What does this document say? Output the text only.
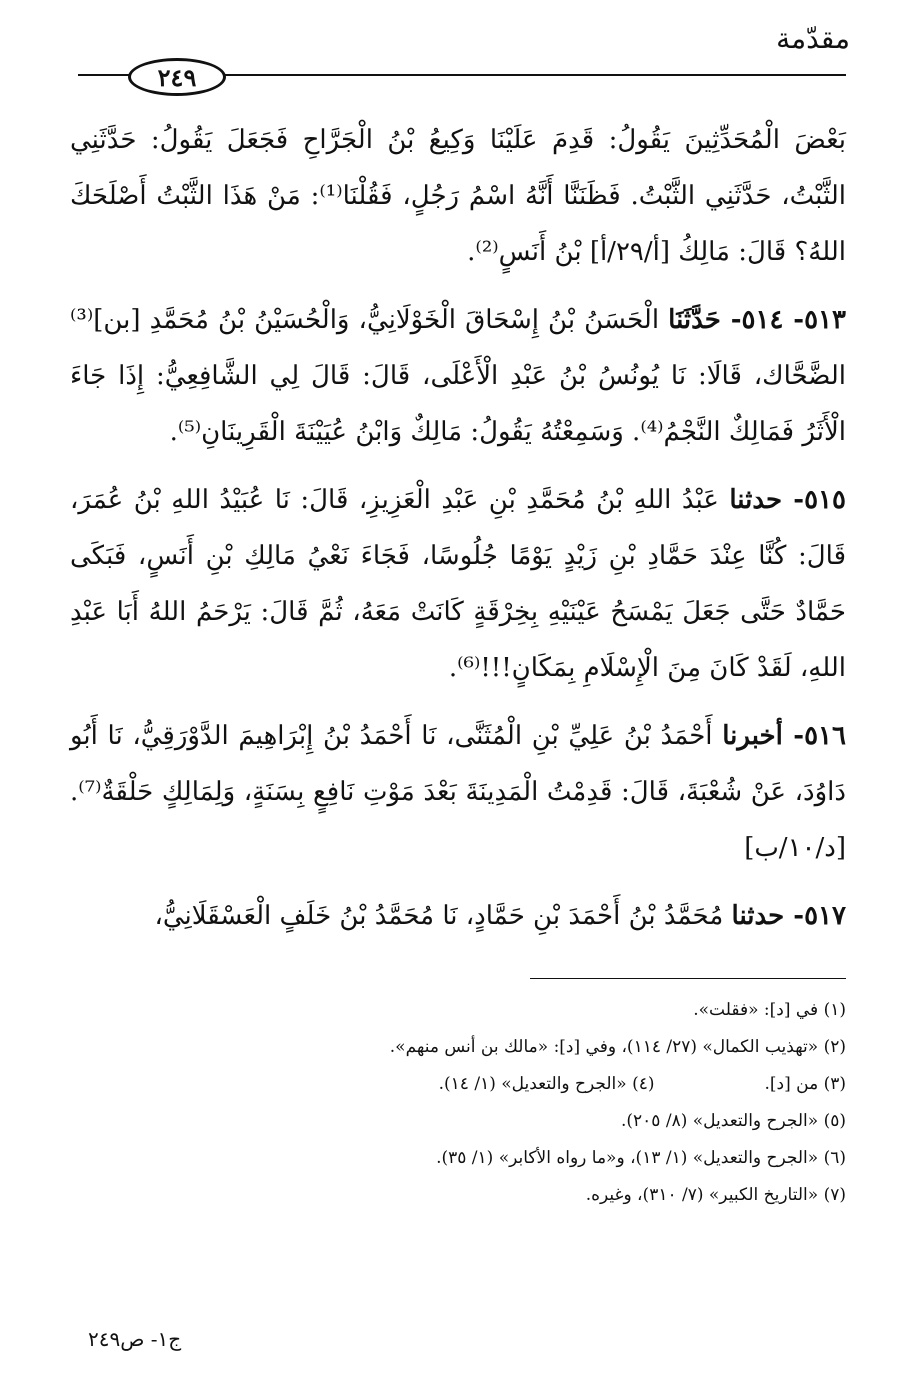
مقدّمة
٢٤٩

بَعْضَ الْمُحَدِّثِينَ يَقُولُ: قَدِمَ عَلَيْنَا وَكِيعُ بْنُ الْجَرَّاحِ فَجَعَلَ يَقُولُ: حَدَّثَنِي الثَّبْتُ، حَدَّثَنِي الثَّبْتُ. فَظَنَنَّا أَنَّهُ اسْمُ رَجُلٍ، فَقُلْنَا⁽¹⁾: مَنْ هَذَا الثَّبْتُ أَصْلَحَكَ اللهُ؟ قَالَ: مَالِكُ [أ/٢٩/أ] بْنُ أَنَسٍ⁽²⁾.

٥١٣- ٥١٤- حَدَّثَنَا الْحَسَنُ بْنُ إِسْحَاقَ الْخَوْلَانِيُّ، وَالْحُسَيْنُ بْنُ مُحَمَّدِ [بن]⁽³⁾ الضَّحَّاك، قَالَا: نَا يُونُسُ بْنُ عَبْدِ الْأَعْلَى، قَالَ: قَالَ لِي الشَّافِعِيُّ: إِذَا جَاءَ الْأَثَرُ فَمَالِكٌ النَّجْمُ⁽⁴⁾. وَسَمِعْتُهُ يَقُولُ: مَالِكٌ وَابْنُ عُيَيْنَةَ الْقَرِينَانِ⁽⁵⁾.

٥١٥- حدثنا عَبْدُ اللهِ بْنُ مُحَمَّدِ بْنِ عَبْدِ الْعَزِيزِ، قَالَ: نَا عُبَيْدُ اللهِ بْنُ عُمَرَ، قَالَ: كُنَّا عِنْدَ حَمَّادِ بْنِ زَيْدٍ يَوْمًا جُلُوسًا، فَجَاءَ نَعْيُ مَالِكِ بْنِ أَنَسٍ، فَبَكَى حَمَّادٌ حَتَّى جَعَلَ يَمْسَحُ عَيْنَيْهِ بِخِرْقَةٍ كَانَتْ مَعَهُ، ثُمَّ قَالَ: يَرْحَمُ اللهُ أَبَا عَبْدِ اللهِ، لَقَدْ كَانَ مِنَ الْإِسْلَامِ بِمَكَانٍ!!!⁽⁶⁾.

٥١٦- أخبرنا أَحْمَدُ بْنُ عَلِيِّ بْنِ الْمُثَنَّى، نَا أَحْمَدُ بْنُ إِبْرَاهِيمَ الدَّوْرَقِيُّ، نَا أَبُو دَاوُدَ، عَنْ شُعْبَةَ، قَالَ: قَدِمْتُ الْمَدِينَةَ بَعْدَ مَوْتِ نَافِعٍ بِسَنَةٍ، وَلِمَالِكٍ حَلْقَةٌ⁽⁷⁾. [د/١٠/ب]

٥١٧- حدثنا مُحَمَّدُ بْنُ أَحْمَدَ بْنِ حَمَّادٍ، نَا مُحَمَّدُ بْنُ خَلَفٍ الْعَسْقَلَانِيُّ،

(١) في [د]: «فقلت».
(٢) «تهذيب الكمال» (٢٧/ ١١٤)، وفي [د]: «مالك بن أنس منهم».
(٣) من [د].
(٤) «الجرح والتعديل» (١/ ١٤).
(٥) «الجرح والتعديل» (٨/ ٢٠٥).
(٦) «الجرح والتعديل» (١/ ١٣)، و«ما رواه الأكابر» (١/ ٣٥).
(٧) «التاريخ الكبير» (٧/ ٣١٠)، وغيره.
ج١- ص٢٤٩
